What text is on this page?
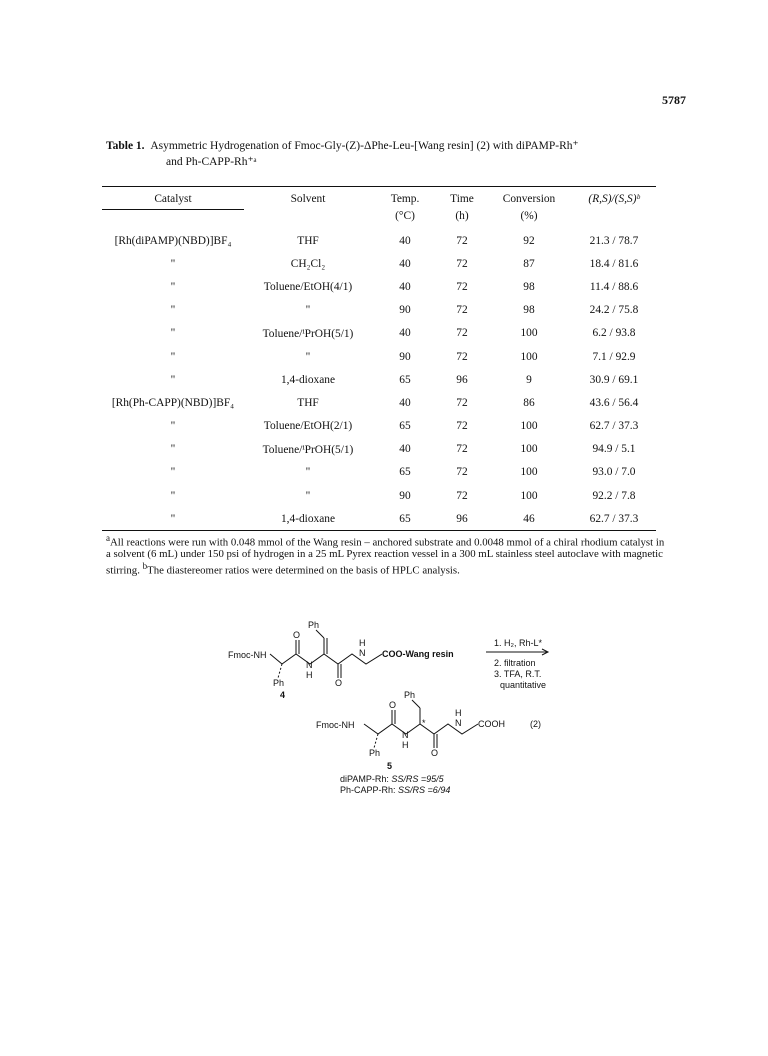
5787
Table 1. Asymmetric Hydrogenation of Fmoc-Gly-(Z)-ΔPhe-Leu-[Wang resin] (2) with diPAMP-Rh⁺
and Ph-CAPP-Rh⁺ᵃ
Catalyst	Solvent	Temp.	Time	Conversion	(R,S)/(S,S)ᵇ
		(°C)	(h)	(%)	
[Rh(diPAMP)(NBD)]BF₄	THF	40	72	92	21.3 / 78.7
"	CH₂Cl₂	40	72	87	18.4 / 81.6
"	Toluene/EtOH(4/1)	40	72	98	11.4 / 88.6
"	"	90	72	98	24.2 / 75.8
"	Toluene/ⁱPrOH(5/1)	40	72	100	6.2 / 93.8
"	"	90	72	100	7.1 / 92.9
"	1,4-dioxane	65	96	9	30.9 / 69.1
[Rh(Ph-CAPP)(NBD)]BF₄	THF	40	72	86	43.6 / 56.4
"	Toluene/EtOH(2/1)	65	72	100	62.7 / 37.3
"	Toluene/ⁱPrOH(5/1)	40	72	100	94.9 / 5.1
"	"	65	72	100	93.0 / 7.0
"	"	90	72	100	92.2 / 7.8
"	1,4-dioxane	65	96	46	62.7 / 37.3
$^a$All reactions were run with 0.048 mmol of the Wang resin – anchored substrate and 0.0048 mmol of a chiral rhodium catalyst in a solvent (6 mL) under 150 psi of hydrogen in a 25 mL Pyrex reaction vessel in a 300 mL stainless steel autoclave with magnetic stirring. $^b$The diastereomer ratios were determined on the basis of HPLC analysis.
Fmoc-NH
Ph
O
N
H
Ph	O
H
N COO-Wang resin
4
1. H₂, Rh-L*
2. filtration
3. TFA, R.T.
quantitative
Fmoc-NH
Ph
O
N
H
*
Ph	O
H
N COOH	(2)
5
diPAMP-Rh: SS/RS =95/5
Ph-CAPP-Rh: SS/RS =6/94
